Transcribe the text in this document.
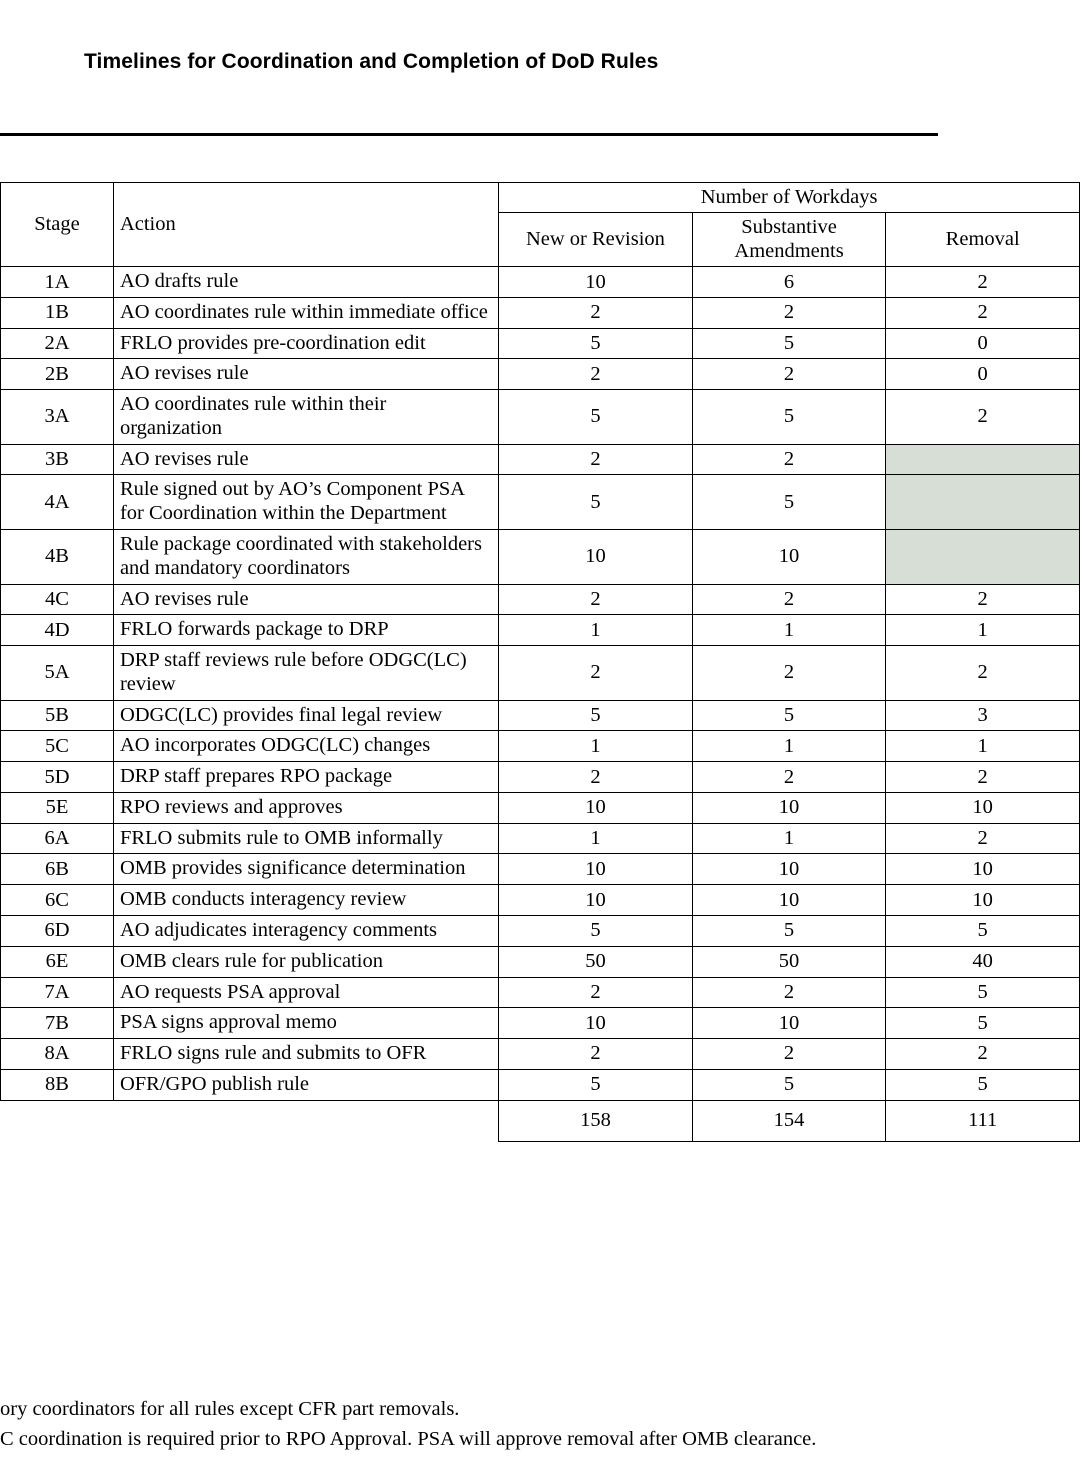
Timelines for Coordination and Completion of DoD Rules
Stage	Action	Number of Workdays		
		New or Revision	Substantive Amendments	Removal
1A	AO drafts rule	10	6	2
1B	AO coordinates rule within immediate office	2	2	2
2A	FRLO provides pre-coordination edit	5	5	0
2B	AO revises rule	2	2	0
3A	AO coordinates rule within their organization	5	5	2
3B	AO revises rule	2	2	
4A	Rule signed out by AO’s Component PSA for Coordination within the Department	5	5	
4B	Rule package coordinated with stakeholders and mandatory coordinators	10	10	
4C	AO revises rule	2	2	2
4D	FRLO forwards package to DRP	1	1	1
5A	DRP staff reviews rule before ODGC(LC) review	2	2	2
5B	ODGC(LC) provides final legal review	5	5	3
5C	AO incorporates ODGC(LC) changes	1	1	1
5D	DRP staff prepares RPO package	2	2	2
5E	RPO reviews and approves	10	10	10
6A	FRLO submits rule to OMB informally	1	1	2
6B	OMB provides significance determination	10	10	10
6C	OMB conducts interagency review	10	10	10
6D	AO adjudicates interagency comments	5	5	5
6E	OMB clears rule for publication	50	50	40
7A	AO requests PSA approval	2	2	5
7B	PSA signs approval memo	10	10	5
8A	FRLO signs rule and submits to OFR	2	2	2
8B	OFR/GPO publish rule	5	5	5
		158	154	111
ory coordinators for all rules except CFR part removals.
C coordination is required prior to RPO Approval. PSA will approve removal after OMB clearance.
